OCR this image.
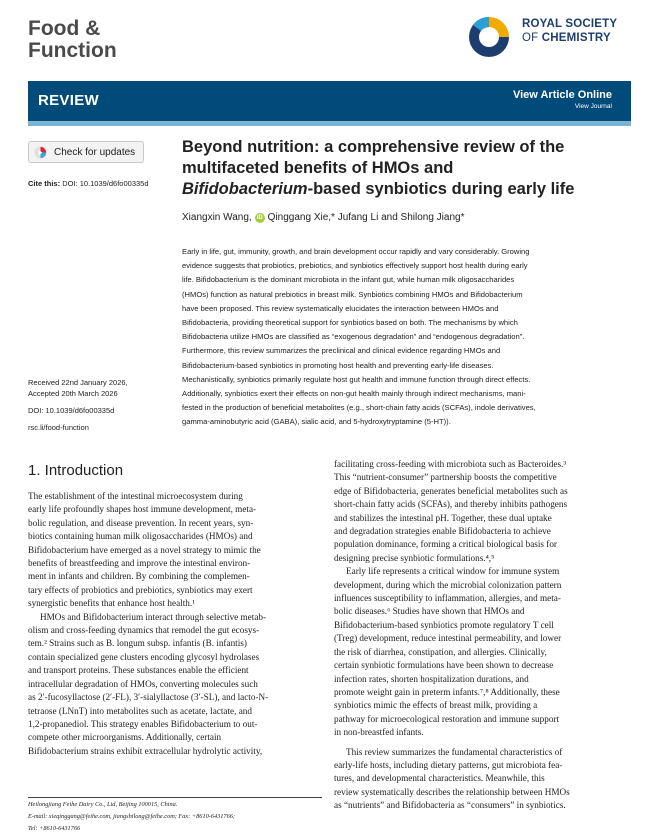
Food &
Function
ROYAL SOCIETY
OF CHEMISTRY
REVIEW	View Article Online
View Journal
Check for updates
Cite this: DOI: 10.1039/d6fo00335d
Beyond nutrition: a comprehensive review of the
multifaceted benefits of HMOs and
Bifidobacterium-based synbiotics during early life
Xiangxin Wang, iD Qinggang Xie,* Jufang Li and Shilong Jiang*
Early in life, gut, immunity, growth, and brain development occur rapidly and vary considerably. Growing
evidence suggests that probiotics, prebiotics, and synbiotics effectively support host health during early
life. Bifidobacterium is the dominant microbiota in the infant gut, while human milk oligosaccharides
(HMOs) function as natural prebiotics in breast milk. Synbiotics combining HMOs and Bifidobacterium
have been proposed. This review systematically elucidates the interaction between HMOs and
Bifidobacteria, providing theoretical support for synbiotics based on both. The mechanisms by which
Bifidobacteria utilize HMOs are classified as “exogenous degradation” and “endogenous degradation”.
Furthermore, this review summarizes the preclinical and clinical evidence regarding HMOs and
Bifidobacterium-based synbiotics in promoting host health and preventing early-life diseases.
Mechanistically, synbiotics primarily regulate host gut health and immune function through direct effects.
Additionally, synbiotics exert their effects on non-gut health mainly through indirect mechanisms, mani-
fested in the production of beneficial metabolites (e.g., short-chain fatty acids (SCFAs), indole derivatives,
gamma-aminobutyric acid (GABA), sialic acid, and 5-hydroxytryptamine (5-HT)).
Received 22nd January 2026,
Accepted 20th March 2026
DOI: 10.1039/d6fo00335d
rsc.li/food-function
1. Introduction
The establishment of the intestinal microecosystem during
early life profoundly shapes host immune development, meta-
bolic regulation, and disease prevention. In recent years, syn-
biotics containing human milk oligosaccharides (HMOs) and
Bifidobacterium have emerged as a novel strategy to mimic the
benefits of breastfeeding and improve the intestinal environ-
ment in infants and children. By combining the complemen-
tary effects of probiotics and prebiotics, synbiotics may exert
synergistic benefits that enhance host health.¹
HMOs and Bifidobacterium interact through selective metab-
olism and cross-feeding dynamics that remodel the gut ecosys-
tem.² Strains such as B. longum subsp. infantis (B. infantis)
contain specialized gene clusters encoding glycosyl hydrolases
and transport proteins. These substances enable the efficient
intracellular degradation of HMOs, converting molecules such
as 2′-fucosyllactose (2′-FL), 3′-sialyllactose (3′-SL), and lacto-N-
tetraose (LNnT) into metabolites such as acetate, lactate, and
1,2-propanediol. This strategy enables Bifidobacterium to out-
compete other microorganisms. Additionally, certain
Bifidobacterium strains exhibit extracellular hydrolytic activity,
facilitating cross-feeding with microbiota such as Bacteroides.³
This “nutrient-consumer” partnership boosts the competitive
edge of Bifidobacteria, generates beneficial metabolites such as
short-chain fatty acids (SCFAs), and thereby inhibits pathogens
and stabilizes the intestinal pH. Together, these dual uptake
and degradation strategies enable Bifidobacteria to achieve
population dominance, forming a critical biological basis for
designing precise synbiotic formulations.⁴,⁵
Early life represents a critical window for immune system
development, during which the microbial colonization pattern
influences susceptibility to inflammation, allergies, and meta-
bolic diseases.⁶ Studies have shown that HMOs and
Bifidobacterium-based synbiotics promote regulatory T cell
(Treg) development, reduce intestinal permeability, and lower
the risk of diarrhea, constipation, and allergies. Clinically,
certain synbiotic formulations have been shown to decrease
infection rates, shorten hospitalization durations, and
promote weight gain in preterm infants.⁷,⁸ Additionally, these
synbiotics mimic the effects of breast milk, providing a
pathway for microecological restoration and immune support
in non-breastfed infants.
This review summarizes the fundamental characteristics of
early-life hosts, including dietary patterns, gut microbiota fea-
tures, and developmental characteristics. Meanwhile, this
review systematically describes the relationship between HMOs
as “nutrients” and Bifidobacteria as “consumers” in synbiotics.
Heilongjiang Feihe Dairy Co., Ltd, Beijing 100015, China.
E-mail: xieqinggang@feihe.com, jiangshilong@feihe.com; Fax: +8610-6431766;
Tel: +8610-6431766
